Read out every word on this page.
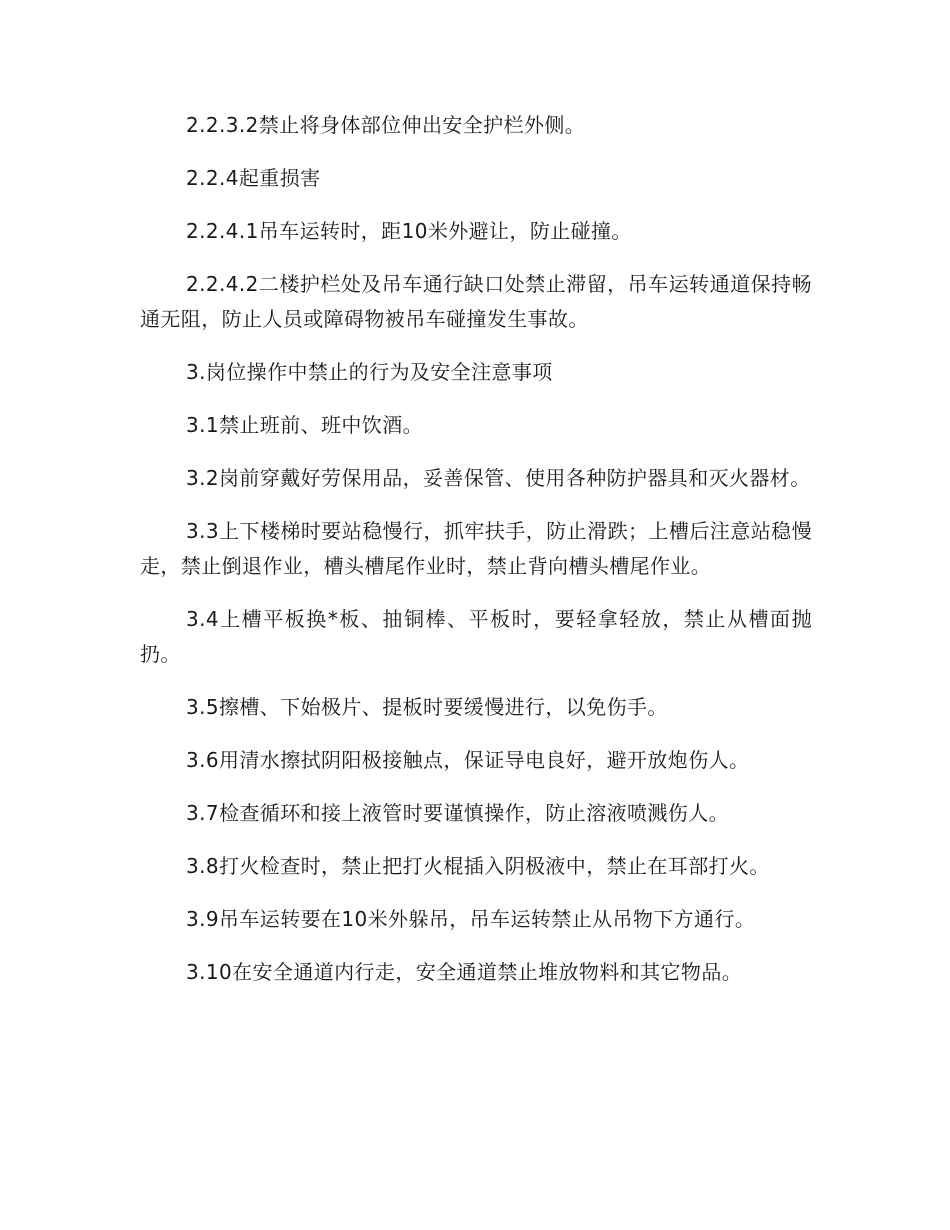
2.2.3.2禁止将身体部位伸出安全护栏外侧。

2.2.4起重损害

2.2.4.1吊车运转时，距10米外避让，防止碰撞。

2.2.4.2二楼护栏处及吊车通行缺口处禁止滞留，吊车运转通道保持畅通无阻，防止人员或障碍物被吊车碰撞发生事故。

3.岗位操作中禁止的行为及安全注意事项

3.1禁止班前、班中饮酒。

3.2岗前穿戴好劳保用品，妥善保管、使用各种防护器具和灭火器材。

3.3上下楼梯时要站稳慢行，抓牢扶手，防止滑跌；上槽后注意站稳慢走，禁止倒退作业，槽头槽尾作业时，禁止背向槽头槽尾作业。

3.4上槽平板换*板、抽铜棒、平板时，要轻拿轻放，禁止从槽面抛扔。

3.5擦槽、下始极片、提板时要缓慢进行，以免伤手。

3.6用清水擦拭阴阳极接触点，保证导电良好，避开放炮伤人。

3.7检查循环和接上液管时要谨慎操作，防止溶液喷溅伤人。

3.8打火检查时，禁止把打火棍插入阴极液中，禁止在耳部打火。

3.9吊车运转要在10米外躲吊，吊车运转禁止从吊物下方通行。

3.10在安全通道内行走，安全通道禁止堆放物料和其它物品。
